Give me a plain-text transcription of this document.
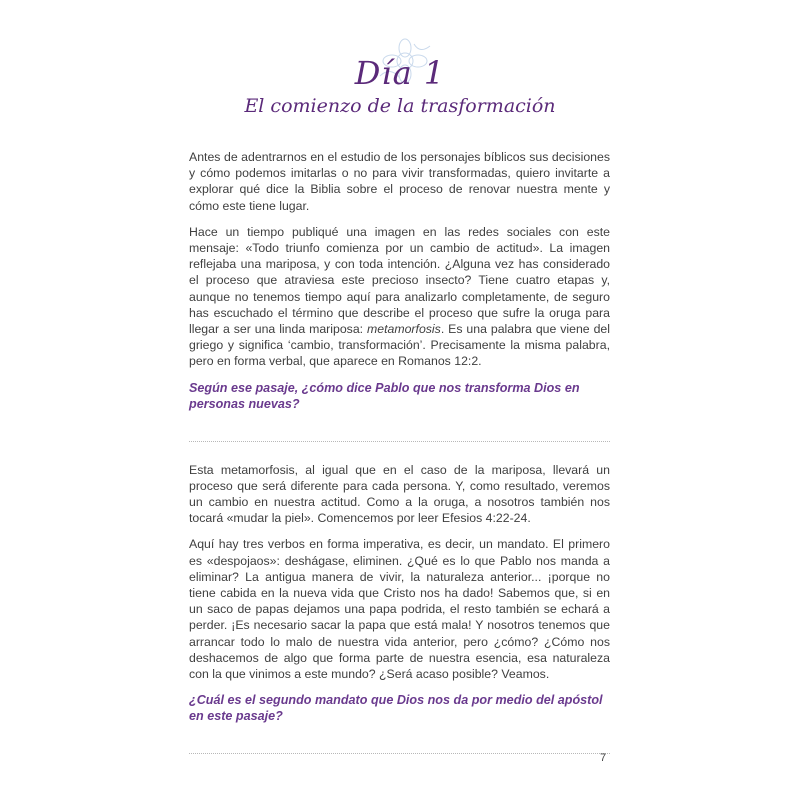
Día 1
El comienzo de la trasformación

Antes de adentrarnos en el estudio de los personajes bíblicos sus decisiones y cómo podemos imitarlas o no para vivir transformadas, quiero invitarte a explorar qué dice la Biblia sobre el proceso de renovar nuestra mente y cómo este tiene lugar.

Hace un tiempo publiqué una imagen en las redes sociales con este mensaje: «Todo triunfo comienza por un cambio de actitud». La imagen reflejaba una mariposa, y con toda intención. ¿Alguna vez has considerado el proceso que atraviesa este precioso insecto? Tiene cuatro etapas y, aunque no tenemos tiempo aquí para analizarlo completamente, de seguro has escuchado el término que describe el proceso que sufre la oruga para llegar a ser una linda mariposa: metamorfosis. Es una palabra que viene del griego y significa ‘cambio, transformación’. Precisamente la misma palabra, pero en forma verbal, que aparece en Romanos 12:2.

Según ese pasaje, ¿cómo dice Pablo que nos transforma Dios en personas nuevas?

Esta metamorfosis, al igual que en el caso de la mariposa, llevará un proceso que será diferente para cada persona. Y, como resultado, veremos un cambio en nuestra actitud. Como a la oruga, a nosotros también nos tocará «mudar la piel». Comencemos por leer Efesios 4:22-24.

Aquí hay tres verbos en forma imperativa, es decir, un mandato. El primero es «despojaos»: deshágase, eliminen. ¿Qué es lo que Pablo nos manda a eliminar? La antigua manera de vivir, la naturaleza anterior... ¡porque no tiene cabida en la nueva vida que Cristo nos ha dado! Sabemos que, si en un saco de papas dejamos una papa podrida, el resto también se echará a perder. ¡Es necesario sacar la papa que está mala! Y nosotros tenemos que arrancar todo lo malo de nuestra vida anterior, pero ¿cómo? ¿Cómo nos deshacemos de algo que forma parte de nuestra esencia, esa naturaleza con la que vinimos a este mundo? ¿Será acaso posible? Veamos.

¿Cuál es el segundo mandato que Dios nos da por medio del apóstol en este pasaje?

7
